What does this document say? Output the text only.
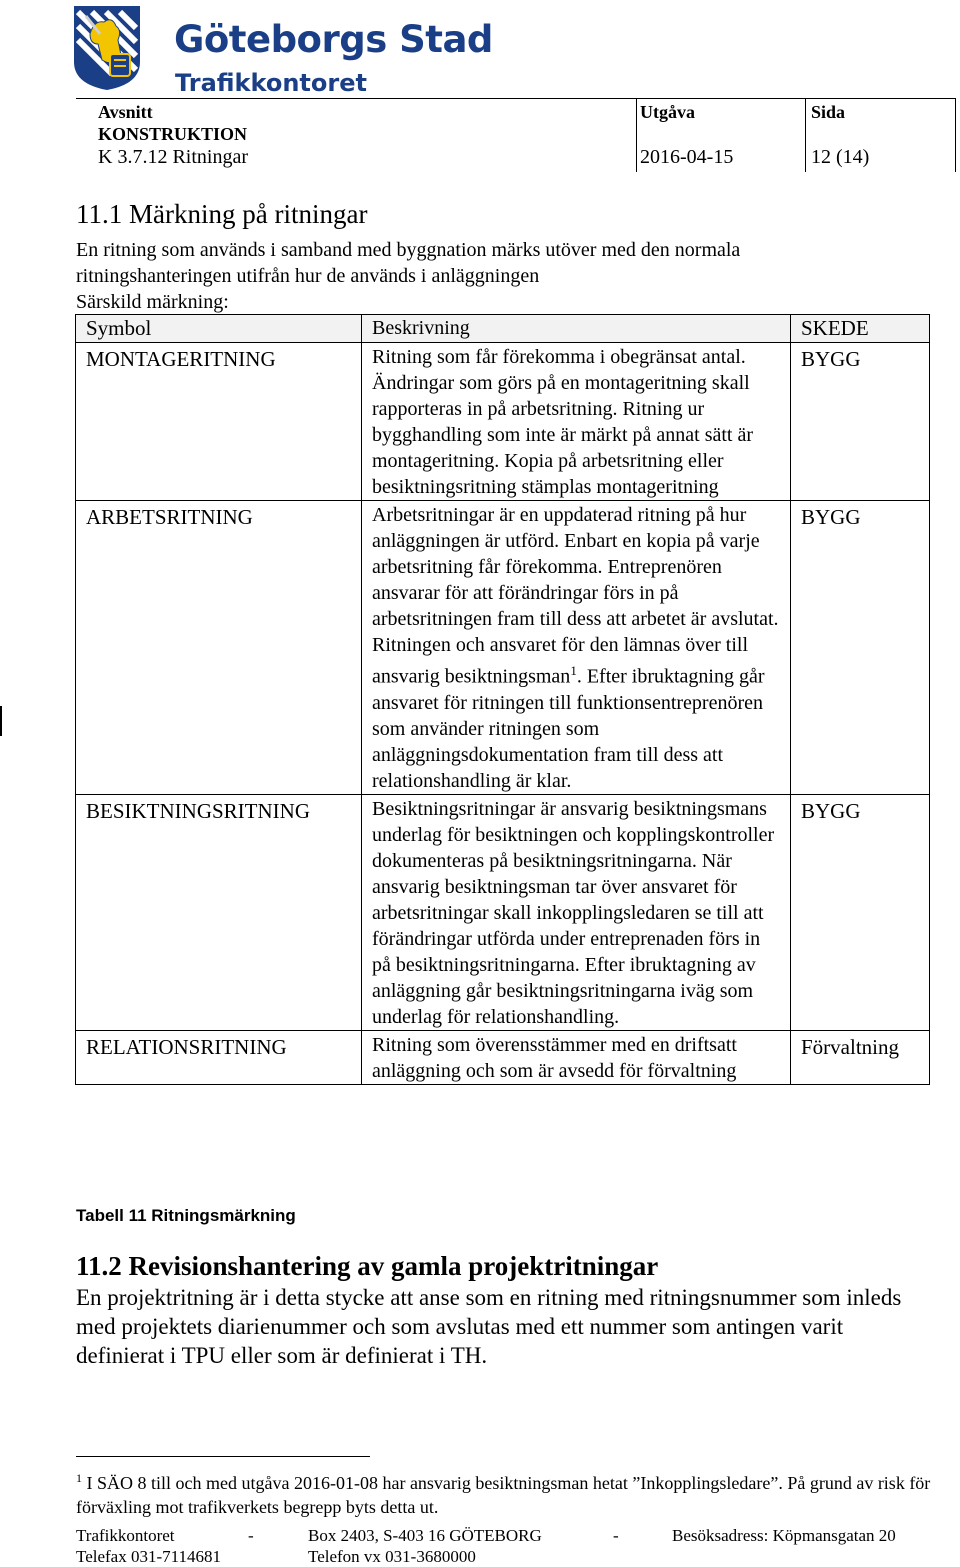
Göteborgs Stad
Trafikkontoret
Avsnitt
KONSTRUKTION
K 3.7.12 Ritningar
Utgåva
2016-04-15
Sida
12 (14)
11.1 Märkning på ritningar
En ritning som används i samband med byggnation märks utöver med den normala
ritningshanteringen utifrån hur de används i anläggningen
Särskild märkning:
Symbol	Beskrivning	SKEDE
MONTAGERITNING	Ritning som får förekomma i obegränsat antal. Ändringar som görs på en montageritning skall rapporteras in på arbetsritning. Ritning ur bygghandling som inte är märkt på annat sätt är montageritning. Kopia på arbetsritning eller besiktningsritning stämplas montageritning	BYGG
ARBETSRITNING	Arbetsritningar är en uppdaterad ritning på hur anläggningen är utförd. Enbart en kopia på varje arbetsritning får förekomma. Entreprenören ansvarar för att förändringar förs in på arbetsritningen fram till dess att arbetet är avslutat. Ritningen och ansvaret för den lämnas över till ansvarig besiktningsman$^1$. Efter ibruktagning går ansvaret för ritningen till funktionsentreprenören som använder ritningen som anläggningsdokumentation fram till dess att relationshandling är klar.	BYGG
BESIKTNINGSRITNING	Besiktningsritningar är ansvarig besiktningsmans underlag för besiktningen och kopplingskontroller dokumenteras på besiktningsritningarna. När ansvarig besiktningsman tar över ansvaret för arbetsritningar skall inkopplingsledaren se till att förändringar utförda under entreprenaden förs in på besiktningsritningarna. Efter ibruktagning av anläggning går besiktningsritningarna iväg som underlag för relationshandling.	BYGG
RELATIONSRITNING	Ritning som överensstämmer med en driftsatt anläggning och som är avsedd för förvaltning	Förvaltning
Tabell 11 Ritningsmärkning
11.2 Revisionshantering av gamla projektritningar
En projektritning är i detta stycke att anse som en ritning med ritningsnummer som inleds med projektets diarienummer och som avslutas med ett nummer som antingen varit definierat i TPU eller som är definierat i TH.
$^1$ I SÄO 8 till och med utgåva 2016-01-08 har ansvarig besiktningsman hetat ”Inkopplingsledare”. På grund av risk för förväxling mot trafikverkets begrepp byts detta ut.
Trafikkontoret	-	Box 2403, S-403 16 GÖTEBORG	-	Besöksadress: Köpmansgatan 20
Telefax 031-7114681	Telefon vx 031-3680000
